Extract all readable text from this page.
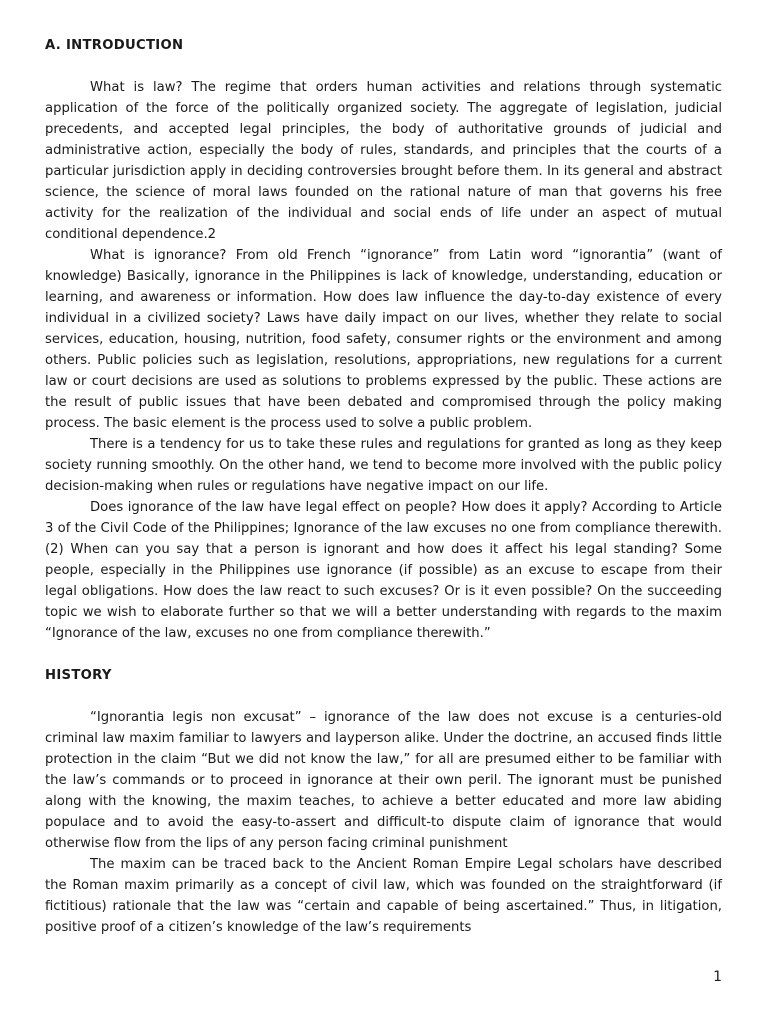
A. INTRODUCTION

What is law? The regime that orders human activities and relations through systematic application of the force of the politically organized society. The aggregate of legislation, judicial precedents, and accepted legal principles, the body of authoritative grounds of judicial and administrative action, especially the body of rules, standards, and principles that the courts of a particular jurisdiction apply in deciding controversies brought before them. In its general and abstract science, the science of moral laws founded on the rational nature of man that governs his free activity for the realization of the individual and social ends of life under an aspect of mutual conditional dependence.2

What is ignorance? From old French “ignorance” from Latin word “ignorantia” (want of knowledge) Basically, ignorance in the Philippines is lack of knowledge, understanding, education or learning, and awareness or information. How does law influence the day-to-day existence of every individual in a civilized society? Laws have daily impact on our lives, whether they relate to social services, education, housing, nutrition, food safety, consumer rights or the environment and among others. Public policies such as legislation, resolutions, appropriations, new regulations for a current law or court decisions are used as solutions to problems expressed by the public. These actions are the result of public issues that have been debated and compromised through the policy making process. The basic element is the process used to solve a public problem.

There is a tendency for us to take these rules and regulations for granted as long as they keep society running smoothly. On the other hand, we tend to become more involved with the public policy decision-making when rules or regulations have negative impact on our life.

Does ignorance of the law have legal effect on people? How does it apply? According to Article 3 of the Civil Code of the Philippines; Ignorance of the law excuses no one from compliance therewith. (2) When can you say that a person is ignorant and how does it affect his legal standing? Some people, especially in the Philippines use ignorance (if possible) as an excuse to escape from their legal obligations. How does the law react to such excuses? Or is it even possible? On the succeeding topic we wish to elaborate further so that we will a better understanding with regards to the maxim “Ignorance of the law, excuses no one from compliance therewith.”

HISTORY

“Ignorantia legis non excusat” – ignorance of the law does not excuse is a centuries-old criminal law maxim familiar to lawyers and layperson alike. Under the doctrine, an accused finds little protection in the claim “But we did not know the law,” for all are presumed either to be familiar with the law’s commands or to proceed in ignorance at their own peril. The ignorant must be punished along with the knowing, the maxim teaches, to achieve a better educated and more law abiding populace and to avoid the easy-to-assert and difficult-to dispute claim of ignorance that would otherwise flow from the lips of any person facing criminal punishment

The maxim can be traced back to the Ancient Roman Empire Legal scholars have described the Roman maxim primarily as a concept of civil law, which was founded on the straightforward (if fictitious) rationale that the law was “certain and capable of being ascertained.” Thus, in litigation, positive proof of a citizen’s knowledge of the law’s requirements

1
